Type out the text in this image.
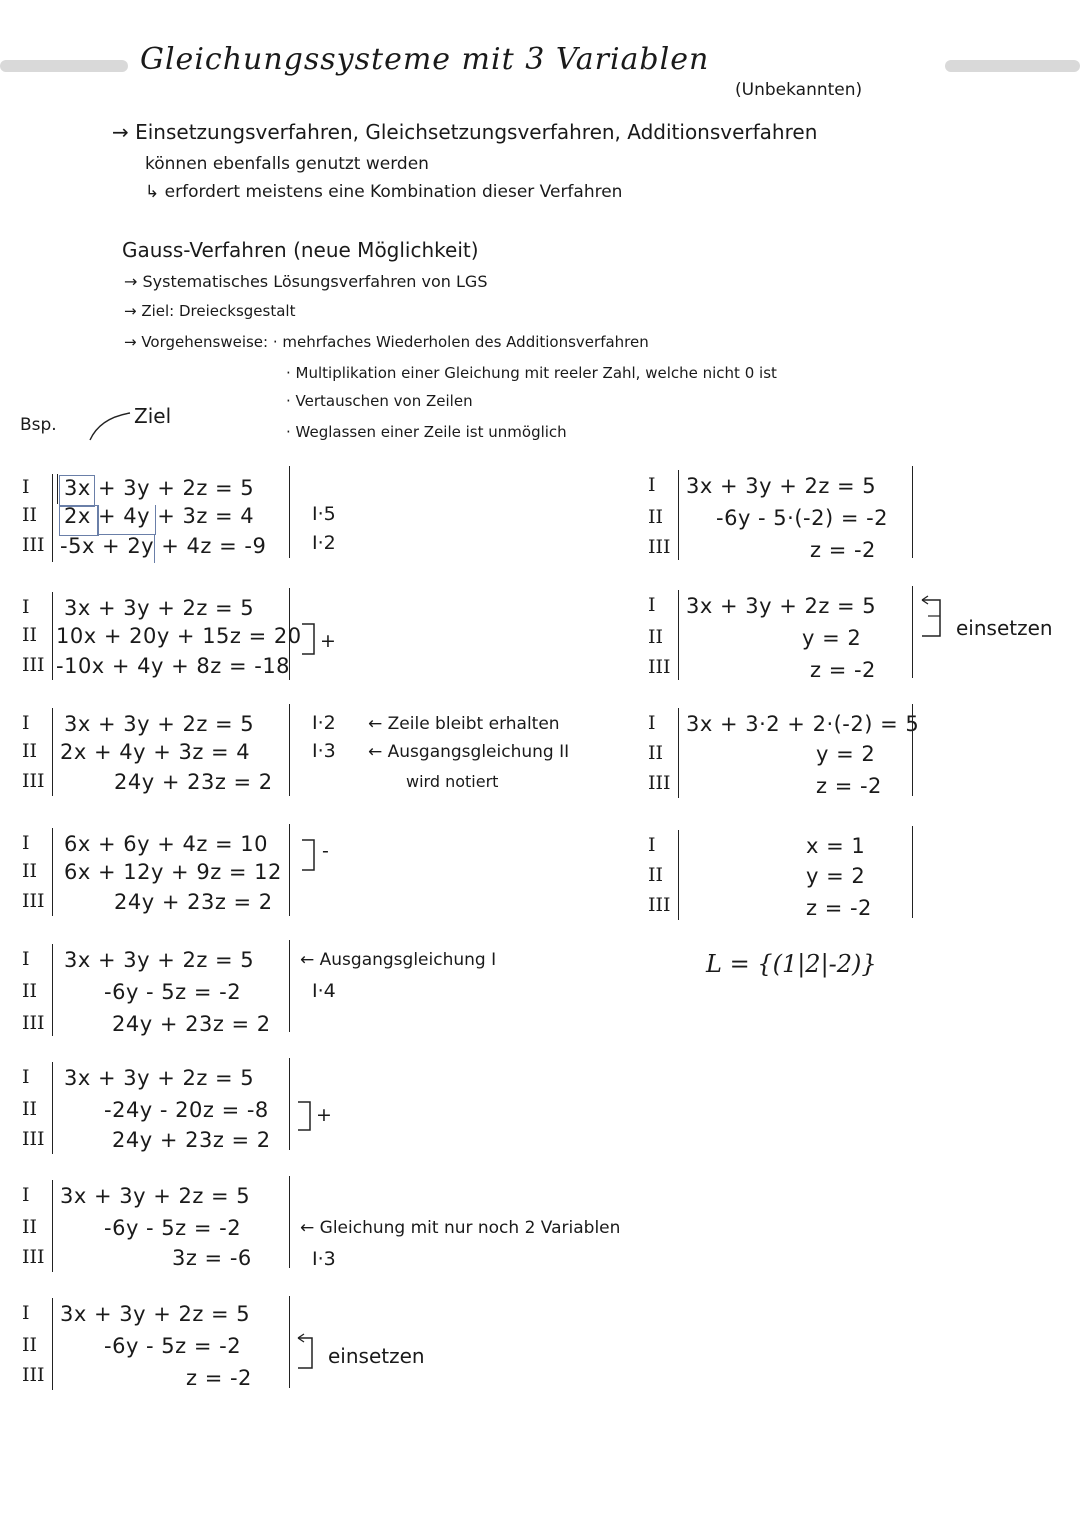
Gleichungssysteme mit 3 Variablen
(Unbekannten)
→ Einsetzungsverfahren, Gleichsetzungsverfahren, Additionsverfahren
können ebenfalls genutzt werden
↳ erfordert meistens eine Kombination dieser Verfahren
Gauss-Verfahren (neue Möglichkeit)
→ Systematisches Lösungsverfahren von LGS
→ Ziel: Dreiecksgestalt
→ Vorgehensweise: · mehrfaches Wiederholen des Additionsverfahren
· Multiplikation einer Gleichung mit reeler Zahl, welche nicht 0 ist
· Vertauschen von Zeilen
· Weglassen einer Zeile ist unmöglich
Bsp.	Ziel
I
II
III
3x + 3y + 2z = 5
2x + 4y + 3z = 4
-5x + 2y + 4z = -9
I·5
I·2
I
II
III
3x + 3y + 2z = 5
10x + 20y + 15z = 20
-10x + 4y + 8z = -18
+
I
II
III
3x + 3y + 2z = 5
2x + 4y + 3z = 4
24y + 23z = 2
I·2
I·3
← Zeile bleibt erhalten
← Ausgangsgleichung II
wird notiert
I
II
III
6x + 6y + 4z = 10
6x + 12y + 9z = 12
24y + 23z = 2
-
I
II
III
3x + 3y + 2z = 5
-6y - 5z = -2
24y + 23z = 2
← Ausgangsgleichung I
I·4
I
II
III
3x + 3y + 2z = 5
-24y - 20z = -8
24y + 23z = 2
+
I
II
III
3x + 3y + 2z = 5
-6y - 5z = -2
3z = -6
← Gleichung mit nur noch 2 Variablen
I·3
I
II
III
3x + 3y + 2z = 5
-6y - 5z = -2
z = -2
einsetzen
I
II
III
3x + 3y + 2z = 5
-6y - 5·(-2) = -2
z = -2
I
II
III
3x + 3y + 2z = 5
y = 2
z = -2
einsetzen
I
II
III
3x + 3·2 + 2·(-2) = 5
y = 2
z = -2
I
II
III
x = 1
y = 2
z = -2
L = {(1|2|-2)}
